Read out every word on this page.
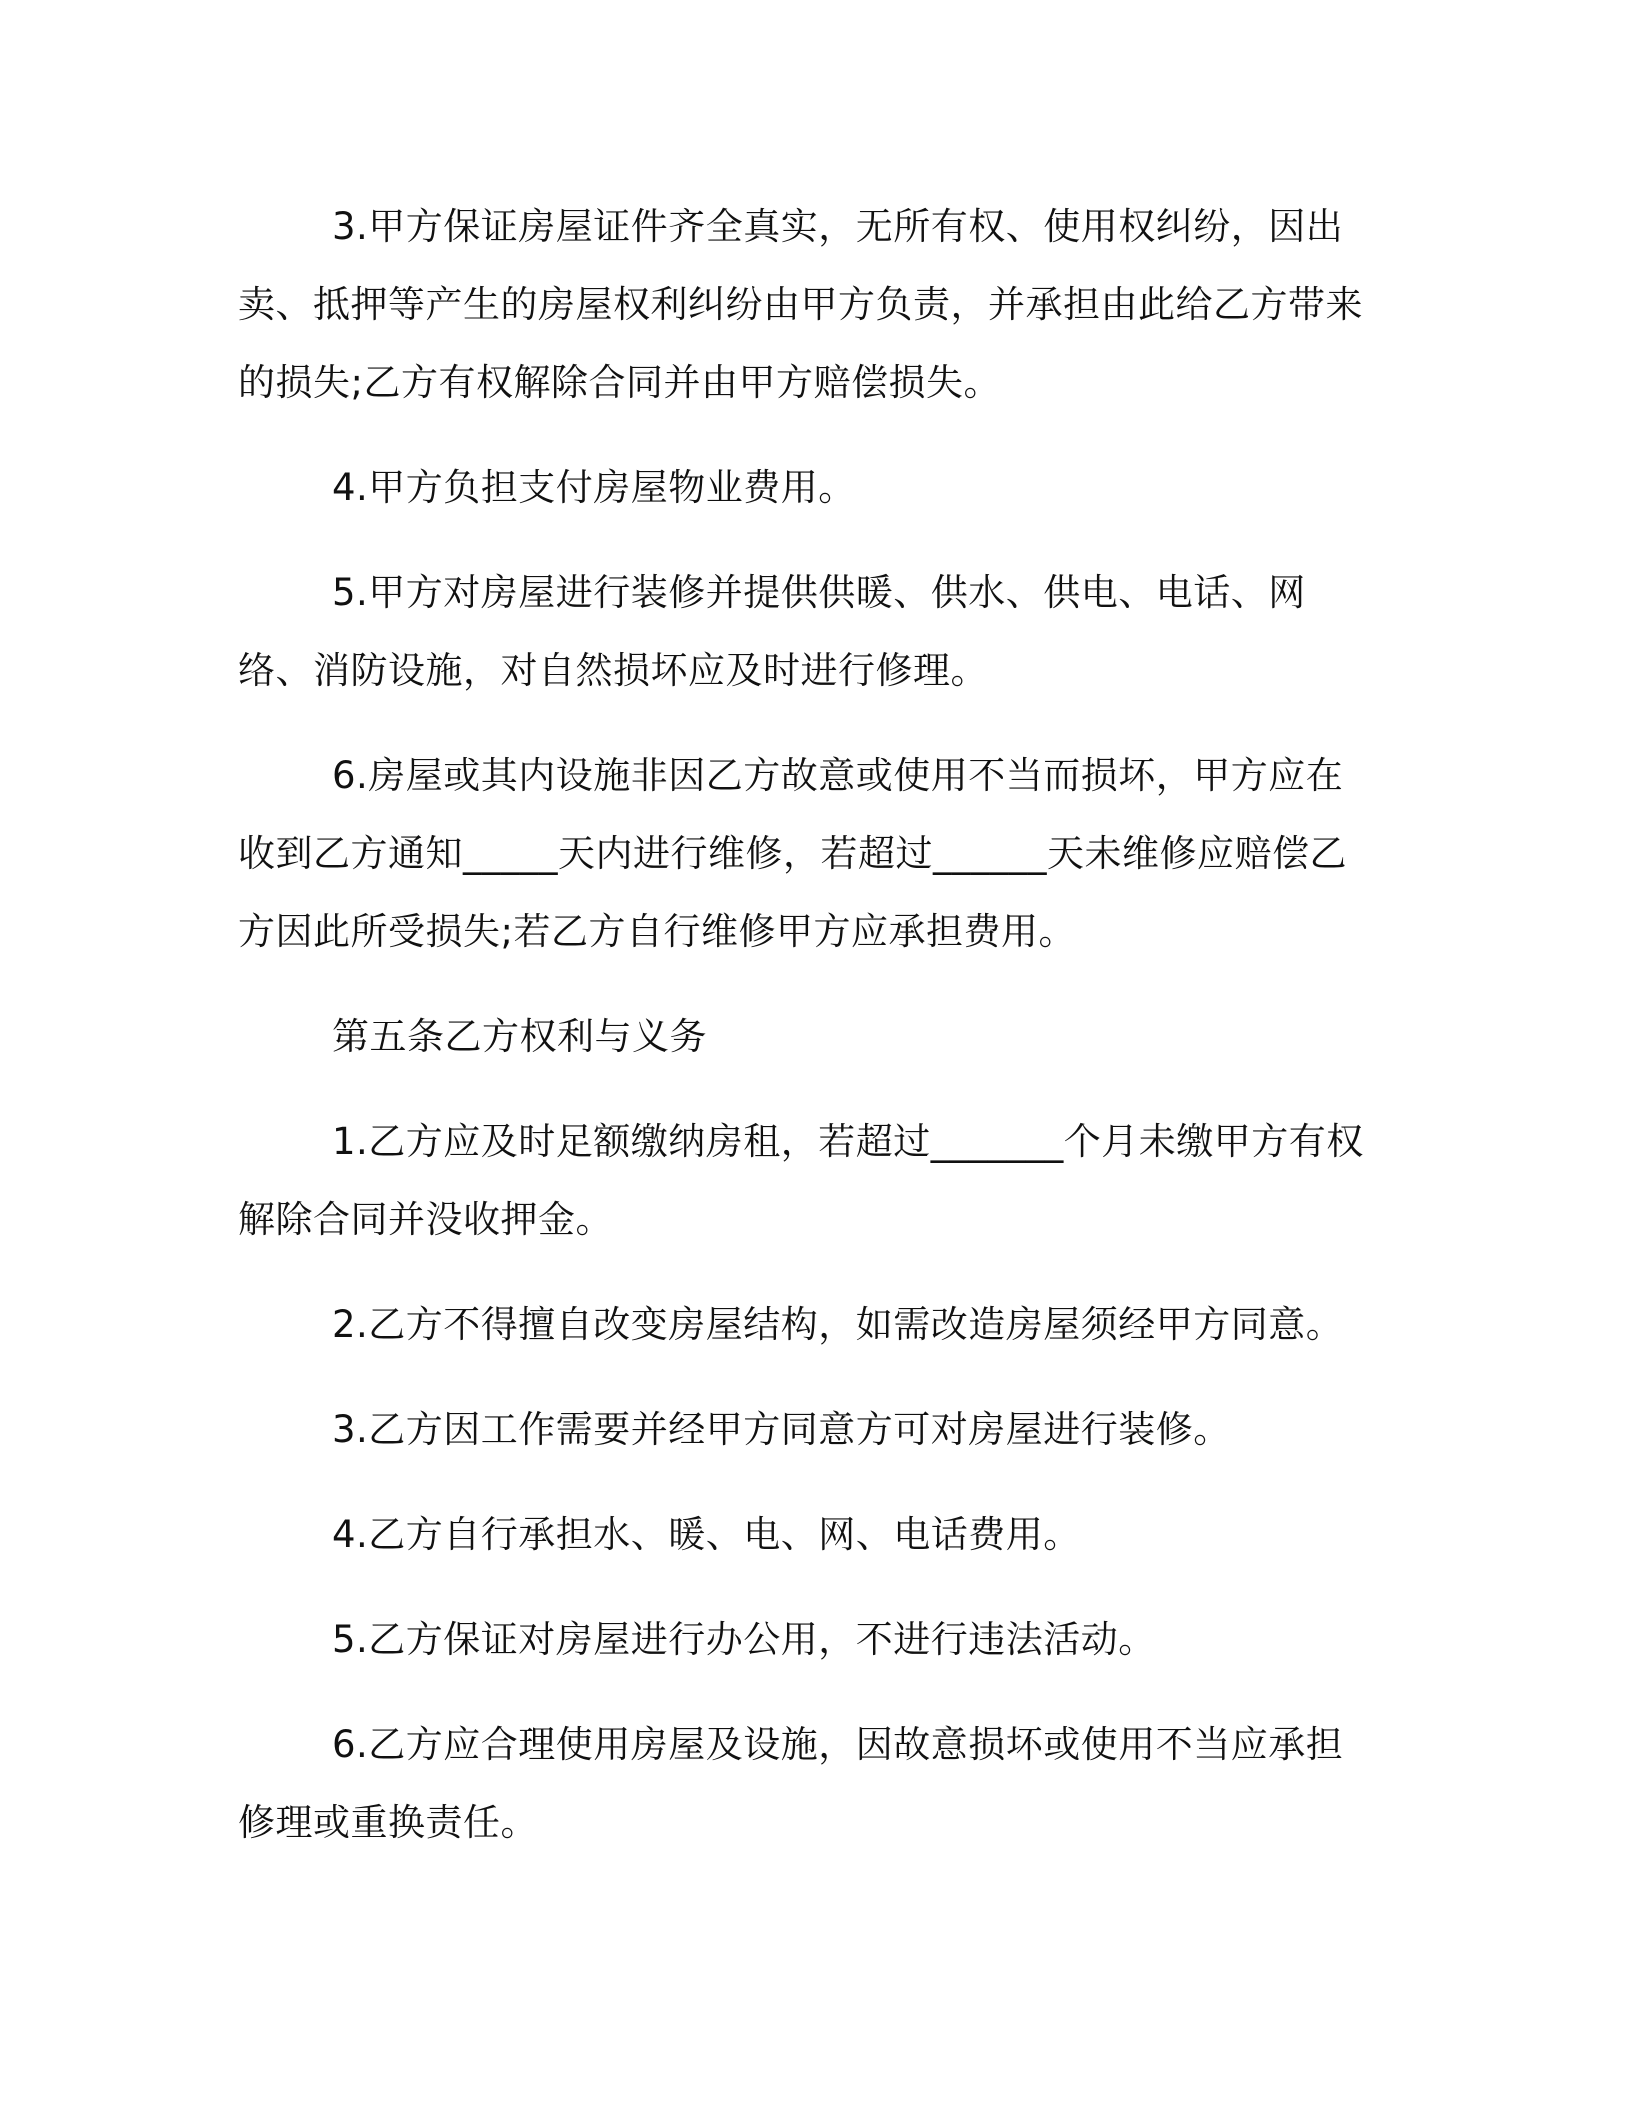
3.甲方保证房屋证件齐全真实，无所有权、使用权纠纷，因出卖、抵押等产生的房屋权利纠纷由甲方负责，并承担由此给乙方带来的损失;乙方有权解除合同并由甲方赔偿损失。

4.甲方负担支付房屋物业费用。

5.甲方对房屋进行装修并提供供暖、供水、供电、电话、网络、消防设施，对自然损坏应及时进行修理。

6.房屋或其内设施非因乙方故意或使用不当而损坏，甲方应在收到乙方通知_____天内进行维修，若超过______天未维修应赔偿乙方因此所受损失;若乙方自行维修甲方应承担费用。

第五条乙方权利与义务

1.乙方应及时足额缴纳房租，若超过_______个月未缴甲方有权解除合同并没收押金。

2.乙方不得擅自改变房屋结构，如需改造房屋须经甲方同意。

3.乙方因工作需要并经甲方同意方可对房屋进行装修。

4.乙方自行承担水、暖、电、网、电话费用。

5.乙方保证对房屋进行办公用，不进行违法活动。

6.乙方应合理使用房屋及设施，因故意损坏或使用不当应承担修理或重换责任。
